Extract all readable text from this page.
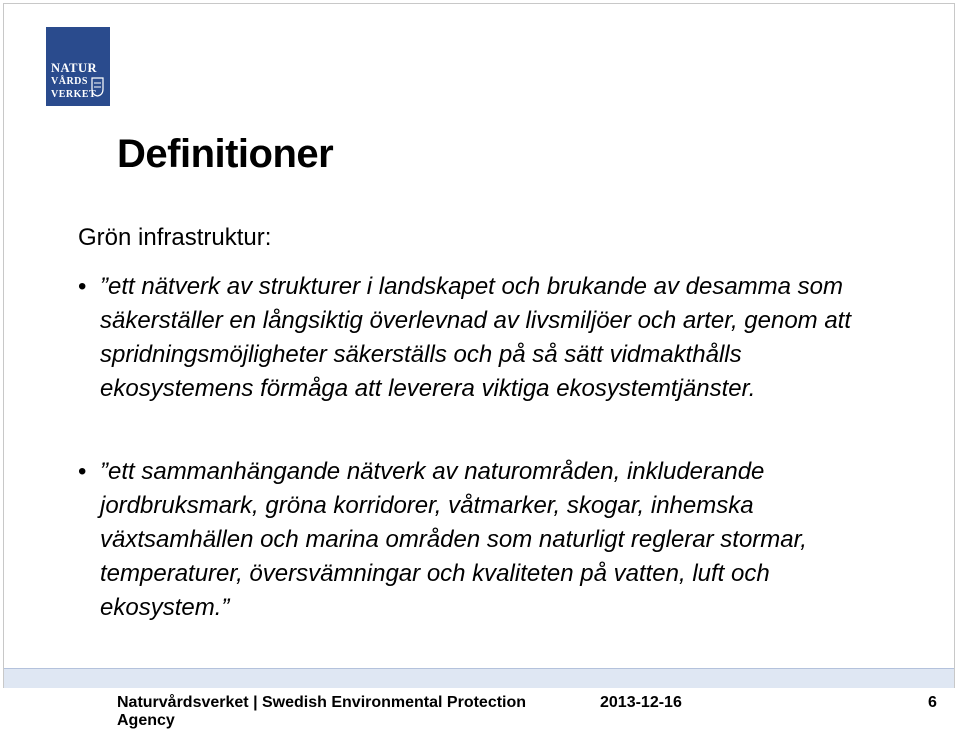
NATUR
VÅRDS
VERKET
Definitioner

Grön infrastruktur:

• ”ett nätverk av strukturer i landskapet och brukande av desamma som säkerställer en långsiktig överlevnad av livsmiljöer och arter, genom att spridningsmöjligheter säkerställs och på så sätt vidmakthålls ekosystemens förmåga att leverera viktiga ekosystemtjänster.
• ”ett sammanhängande nätverk av naturområden, inkluderande jordbruksmark, gröna korridorer, våtmarker, skogar, inhemska växtsamhällen och marina områden som naturligt reglerar stormar, temperaturer, översvämningar och kvaliteten på vatten, luft och ekosystem.”
Naturvårdsverket | Swedish Environmental Protection Agency
2013-12-16	6
